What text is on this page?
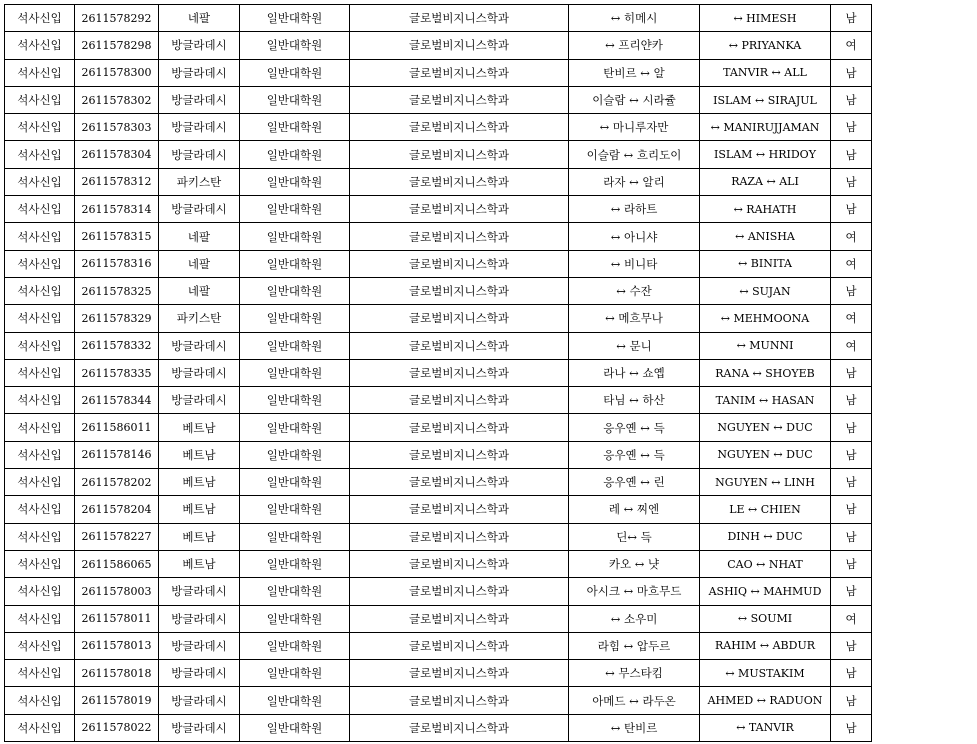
석사신입	2611578292	네팔	일반대학원	글로벌비지니스학과	↔ 히메시	↔ HIMESH	남
석사신입	2611578298	방글라데시	일반대학원	글로벌비지니스학과	↔ 프리얀카	↔ PRIYANKA	여
석사신입	2611578300	방글라데시	일반대학원	글로벌비지니스학과	탄비르 ↔ 알	TANVIR ↔ ALL	남
석사신입	2611578302	방글라데시	일반대학원	글로벌비지니스학과	이슬람 ↔ 시라쥴	ISLAM ↔ SIRAJUL	남
석사신입	2611578303	방글라데시	일반대학원	글로벌비지니스학과	↔ 마니루자만	↔ MANIRUJJAMAN	남
석사신입	2611578304	방글라데시	일반대학원	글로벌비지니스학과	이슬람 ↔ 흐리도이	ISLAM ↔ HRIDOY	남
석사신입	2611578312	파키스탄	일반대학원	글로벌비지니스학과	라자 ↔ 알리	RAZA ↔ ALI	남
석사신입	2611578314	방글라데시	일반대학원	글로벌비지니스학과	↔ 라하트	↔ RAHATH	남
석사신입	2611578315	네팔	일반대학원	글로벌비지니스학과	↔ 아니샤	↔ ANISHA	여
석사신입	2611578316	네팔	일반대학원	글로벌비지니스학과	↔ 비니타	↔ BINITA	여
석사신입	2611578325	네팔	일반대학원	글로벌비지니스학과	↔ 수잔	↔ SUJAN	남
석사신입	2611578329	파키스탄	일반대학원	글로벌비지니스학과	↔ 메흐무나	↔ MEHMOONA	여
석사신입	2611578332	방글라데시	일반대학원	글로벌비지니스학과	↔ 문니	↔ MUNNI	여
석사신입	2611578335	방글라데시	일반대학원	글로벌비지니스학과	라나 ↔ 쇼옙	RANA ↔ SHOYEB	남
석사신입	2611578344	방글라데시	일반대학원	글로벌비지니스학과	타님 ↔ 하산	TANIM ↔ HASAN	남
석사신입	2611586011	베트남	일반대학원	글로벌비지니스학과	응우옌 ↔ 득	NGUYEN ↔ DUC	남
석사신입	2611578146	베트남	일반대학원	글로벌비지니스학과	응우옌 ↔ 득	NGUYEN ↔ DUC	남
석사신입	2611578202	베트남	일반대학원	글로벌비지니스학과	응우옌 ↔ 린	NGUYEN ↔ LINH	남
석사신입	2611578204	베트남	일반대학원	글로벌비지니스학과	레 ↔ 찌엔	LE ↔ CHIEN	남
석사신입	2611578227	베트남	일반대학원	글로벌비지니스학과	딘↔ 득	DINH ↔ DUC	남
석사신입	2611586065	베트남	일반대학원	글로벌비지니스학과	카오 ↔ 냣	CAO ↔ NHAT	남
석사신입	2611578003	방글라데시	일반대학원	글로벌비지니스학과	아시크 ↔ 마흐무드	ASHIQ ↔ MAHMUD	남
석사신입	2611578011	방글라데시	일반대학원	글로벌비지니스학과	↔ 소우미	↔ SOUMI	여
석사신입	2611578013	방글라데시	일반대학원	글로벌비지니스학과	라힘 ↔ 압두르	RAHIM ↔ ABDUR	남
석사신입	2611578018	방글라데시	일반대학원	글로벌비지니스학과	↔ 무스타킴	↔ MUSTAKIM	남
석사신입	2611578019	방글라데시	일반대학원	글로벌비지니스학과	아메드 ↔ 라두온	AHMED ↔ RADUON	남
석사신입	2611578022	방글라데시	일반대학원	글로벌비지니스학과	↔ 탄비르	↔ TANVIR	남
